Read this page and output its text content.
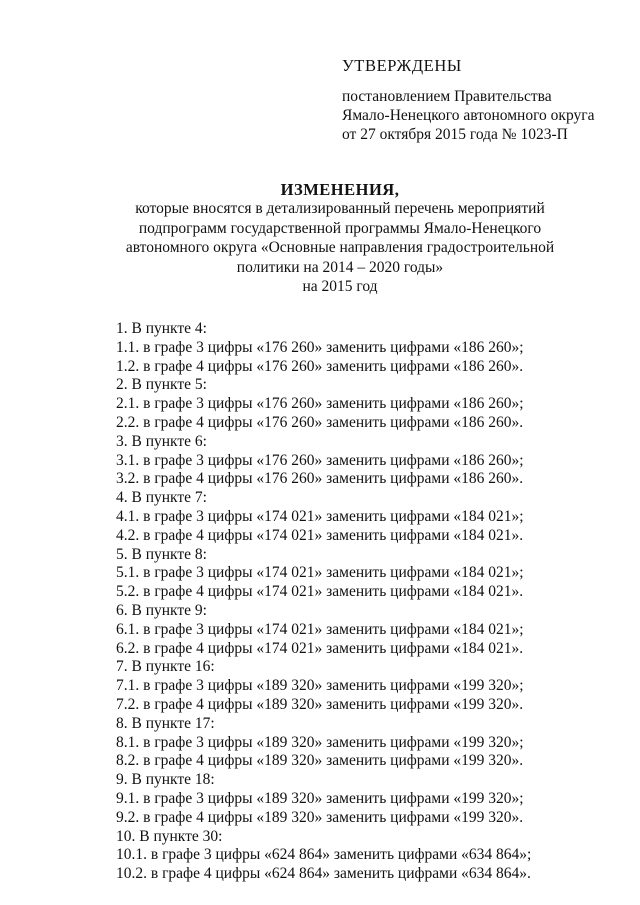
УТВЕРЖДЕНЫ
постановлением Правительства
Ямало-Ненецкого автономного округа
от 27 октября 2015 года № 1023-П
ИЗМЕНЕНИЯ,
которые вносятся в детализированный перечень мероприятий
подпрограмм государственной программы Ямало-Ненецкого
автономного округа «Основные направления градостроительной
политики на 2014 – 2020 годы»
на 2015 год

1. В пункте 4:

1.1. в графе 3 цифры «176 260» заменить цифрами «186 260»;

1.2. в графе 4 цифры «176 260» заменить цифрами «186 260».

2. В пункте 5:

2.1. в графе 3 цифры «176 260» заменить цифрами «186 260»;

2.2. в графе 4 цифры «176 260» заменить цифрами «186 260».

3. В пункте 6:

3.1. в графе 3 цифры «176 260» заменить цифрами «186 260»;

3.2. в графе 4 цифры «176 260» заменить цифрами «186 260».

4. В пункте 7:

4.1. в графе 3 цифры «174 021» заменить цифрами «184 021»;

4.2. в графе 4 цифры «174 021» заменить цифрами «184 021».

5. В пункте 8:

5.1. в графе 3 цифры «174 021» заменить цифрами «184 021»;

5.2. в графе 4 цифры «174 021» заменить цифрами «184 021».

6. В пункте 9:

6.1. в графе 3 цифры «174 021» заменить цифрами «184 021»;

6.2. в графе 4 цифры «174 021» заменить цифрами «184 021».

7. В пункте 16:

7.1. в графе 3 цифры «189 320» заменить цифрами «199 320»;

7.2. в графе 4 цифры «189 320» заменить цифрами «199 320».

8. В пункте 17:

8.1. в графе 3 цифры «189 320» заменить цифрами «199 320»;

8.2. в графе 4 цифры «189 320» заменить цифрами «199 320».

9. В пункте 18:

9.1. в графе 3 цифры «189 320» заменить цифрами «199 320»;

9.2. в графе 4 цифры «189 320» заменить цифрами «199 320».

10. В пункте 30:

10.1. в графе 3 цифры «624 864» заменить цифрами «634 864»;

10.2. в графе 4 цифры «624 864» заменить цифрами «634 864».
